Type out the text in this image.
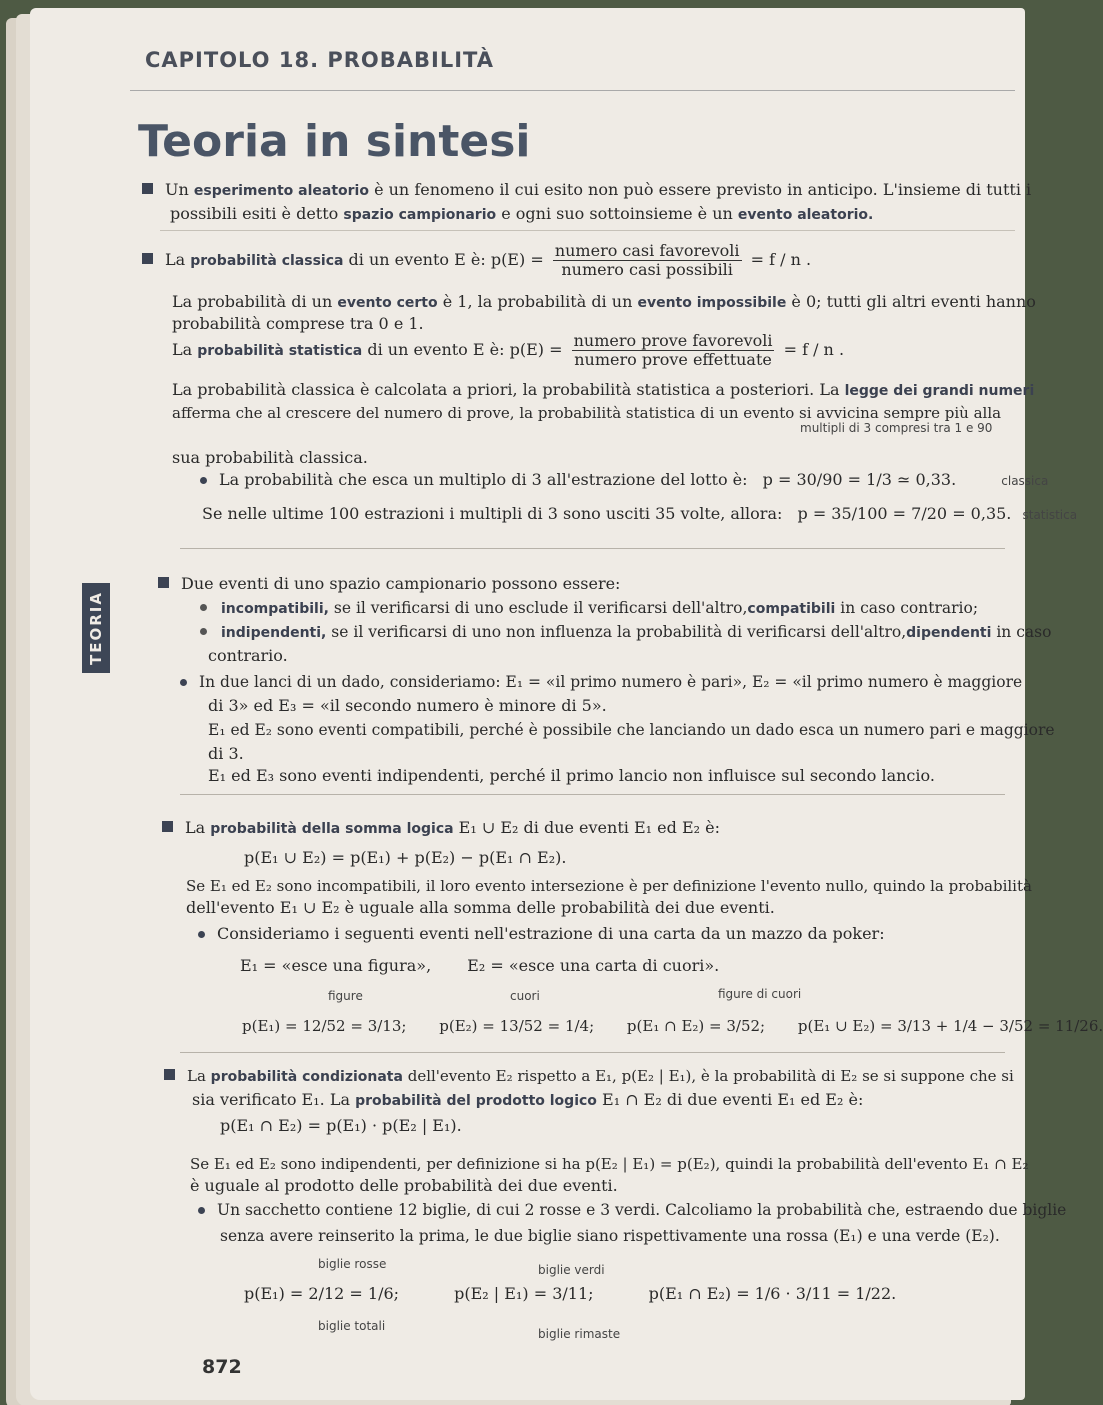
CAPITOLO 18. PROBABILITÀ
Teoria in sintesi
TEORIA
Un esperimento aleatorio è un fenomeno il cui esito non può essere previsto in anticipo. L'insieme di tutti i
possibili esiti è detto spazio campionario e ogni suo sottoinsieme è un evento aleatorio.
La probabilità classica di un evento E è: $p(E) = \frac{\text{numero casi favorevoli}}{\text{numero casi possibili}} = f / n$ .
La probabilità di un evento certo è 1, la probabilità di un evento impossibile è 0; tutti gli altri eventi hanno
probabilità comprese tra 0 e 1.
La probabilità statistica di un evento E è: $p(E) = \frac{\text{numero prove favorevoli}}{\text{numero prove effettuate}} = f / n$ .
La probabilità classica è calcolata a priori, la probabilità statistica a posteriori. La legge dei grandi numeri
afferma che al crescere del numero di prove, la probabilità statistica di un evento si avvicina sempre più alla
multipli di 3 compresi tra 1 e 90
sua probabilità classica.
La probabilità che esca un multiplo di 3 all'estrazione del lotto è: p = 30/90 = 1/3 ≃ 0,33.	classica
Se nelle ultime 100 estrazioni i multipli di 3 sono usciti 35 volte, allora: p = 35/100 = 7/20 = 0,35. statistica
Due eventi di uno spazio campionario possono essere:
incompatibili, se il verificarsi di uno esclude il verificarsi dell'altro,compatibili in caso contrario;
indipendenti, se il verificarsi di uno non influenza la probabilità di verificarsi dell'altro,dipendenti in caso
contrario.
In due lanci di un dado, consideriamo: E₁ = «il primo numero è pari», E₂ = «il primo numero è maggiore
di 3» ed E₃ = «il secondo numero è minore di 5».
E₁ ed E₂ sono eventi compatibili, perché è possibile che lanciando un dado esca un numero pari e maggiore
di 3.
E₁ ed E₃ sono eventi indipendenti, perché il primo lancio non influisce sul secondo lancio.
La probabilità della somma logica E₁ ∪ E₂ di due eventi E₁ ed E₂ è:
p(E₁ ∪ E₂) = p(E₁) + p(E₂) − p(E₁ ∩ E₂).
Se E₁ ed E₂ sono incompatibili, il loro evento intersezione è per definizione l'evento nullo, quindo la probabilità
dell'evento E₁ ∪ E₂ è uguale alla somma delle probabilità dei due eventi.
Consideriamo i seguenti eventi nell'estrazione di una carta da un mazzo da poker:
E₁ = «esce una figura», E₂ = «esce una carta di cuori».
figure	cuori	figure di cuori
p(E₁) = 12/52 = 3/13; p(E₂) = 13/52 = 1/4; p(E₁ ∩ E₂) = 3/52; p(E₁ ∪ E₂) = 3/13 + 1/4 − 3/52 = 11/26.
La probabilità condizionata dell'evento E₂ rispetto a E₁, p(E₂ | E₁), è la probabilità di E₂ se si suppone che si
sia verificato E₁. La probabilità del prodotto logico E₁ ∩ E₂ di due eventi E₁ ed E₂ è:
p(E₁ ∩ E₂) = p(E₁) · p(E₂ | E₁).
Se E₁ ed E₂ sono indipendenti, per definizione si ha p(E₂ | E₁) = p(E₂), quindi la probabilità dell'evento E₁ ∩ E₂
è uguale al prodotto delle probabilità dei due eventi.
Un sacchetto contiene 12 biglie, di cui 2 rosse e 3 verdi. Calcoliamo la probabilità che, estraendo due biglie
senza avere reinserito la prima, le due biglie siano rispettivamente una rossa (E₁) e una verde (E₂).
biglie rosse	biglie verdi
p(E₁) = 2/12 = 1/6;	p(E₂ | E₁) = 3/11;	p(E₁ ∩ E₂) = 1/6 · 3/11 = 1/22.
biglie totali
biglie rimaste
872
